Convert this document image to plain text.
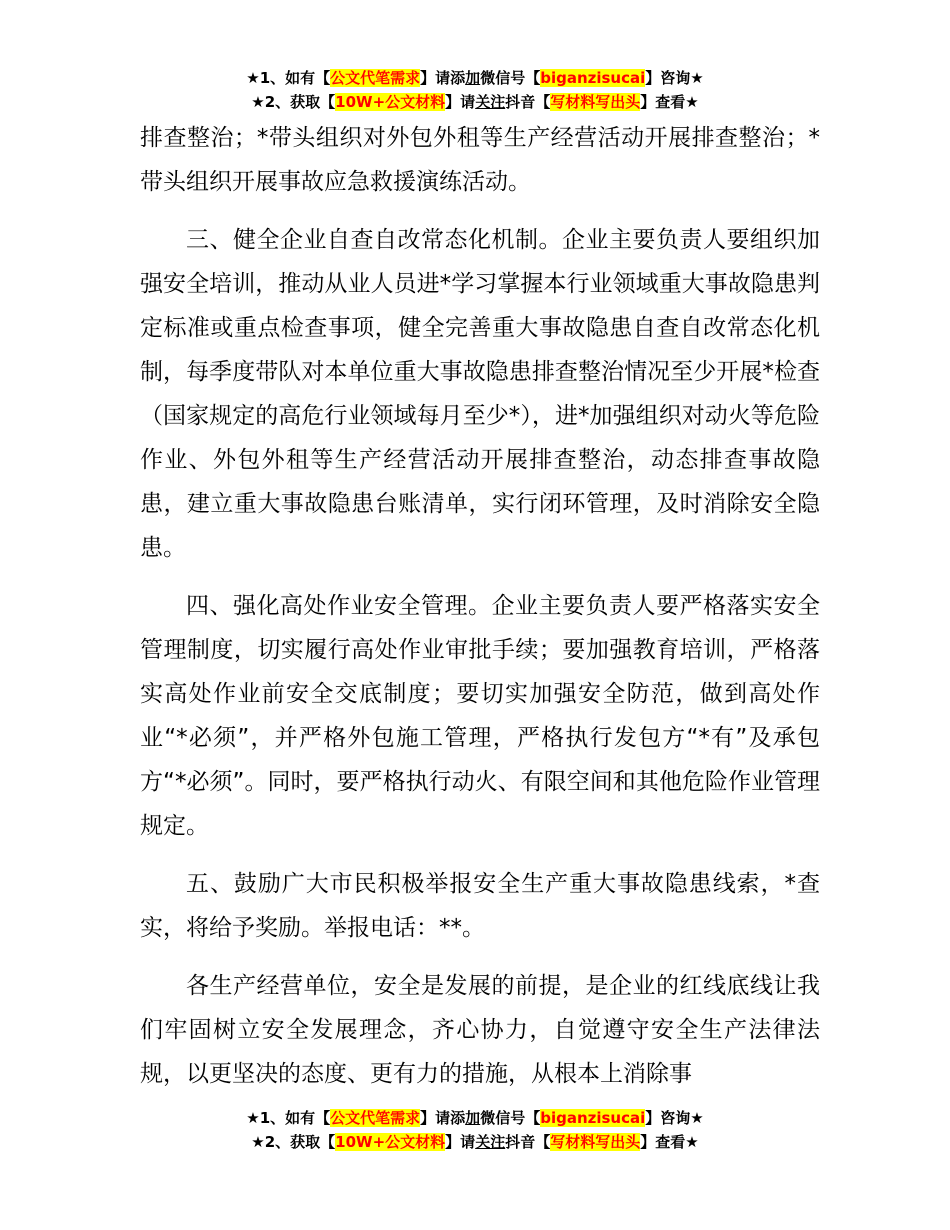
★1、如有【公文代笔需求】请添加微信号【biganzisucai】咨询★
★2、获取【10W+公文材料】请关注抖音【写材料写出头】查看★

排查整治；*带头组织对外包外租等生产经营活动开展排查整治；*带头组织开展事故应急救援演练活动。

三、健全企业自查自改常态化机制。企业主要负责人要组织加强安全培训，推动从业人员进*学习掌握本行业领域重大事故隐患判定标准或重点检查事项，健全完善重大事故隐患自查自改常态化机制，每季度带队对本单位重大事故隐患排查整治情况至少开展*检查（国家规定的高危行业领域每月至少*），进*加强组织对动火等危险作业、外包外租等生产经营活动开展排查整治，动态排查事故隐患，建立重大事故隐患台账清单，实行闭环管理，及时消除安全隐患。

四、强化高处作业安全管理。企业主要负责人要严格落实安全管理制度，切实履行高处作业审批手续；要加强教育培训，严格落实高处作业前安全交底制度；要切实加强安全防范，做到高处作业“*必须”，并严格外包施工管理，严格执行发包方“*有”及承包方“*必须”。同时，要严格执行动火、有限空间和其他危险作业管理规定。

五、鼓励广大市民积极举报安全生产重大事故隐患线索，*查实，将给予奖励。举报电话：**。

各生产经营单位，安全是发展的前提，是企业的红线底线让我们牢固树立安全发展理念，齐心协力，自觉遵守安全生产法律法规，以更坚决的态度、更有力的措施，从根本上消除事

★1、如有【公文代笔需求】请添加微信号【biganzisucai】咨询★
★2、获取【10W+公文材料】请关注抖音【写材料写出头】查看★
